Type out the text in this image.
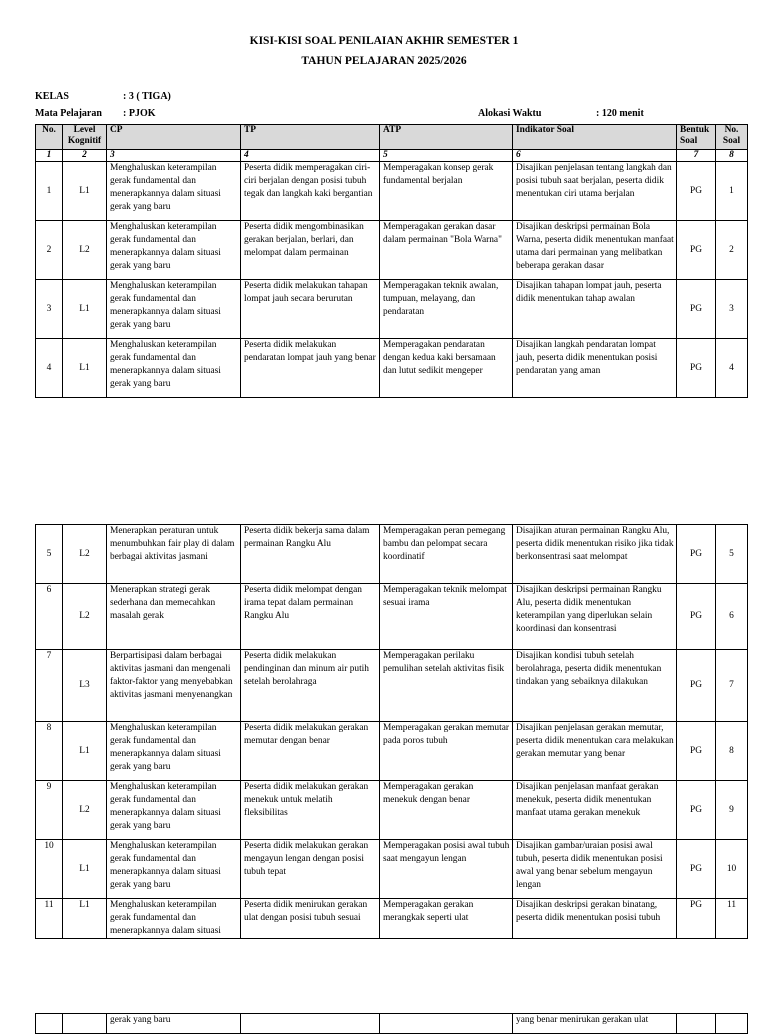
KISI-KISI SOAL PENILAIAN AKHIR SEMESTER 1
TAHUN PELAJARAN 2025/2026
KELAS	: 3 ( TIGA)
Mata Pelajaran : PJOK	Alokasi Waktu	: 120 menit
No.	Level Kognitif	CP	TP	ATP	Indikator Soal	Bentuk Soal	No. Soal
1	2	3	4	5	6	7	8
1	L1	Menghaluskan keterampilan gerak fundamental dan menerapkannya dalam situasi gerak yang baru	Peserta didik memperagakan ciri-ciri berjalan dengan posisi tubuh tegak dan langkah kaki bergantian	Memperagakan konsep gerak fundamental berjalan	Disajikan penjelasan tentang langkah dan posisi tubuh saat berjalan, peserta didik menentukan ciri utama berjalan	PG	1
2	L2	Menghaluskan keterampilan gerak fundamental dan menerapkannya dalam situasi gerak yang baru	Peserta didik mengombinasikan gerakan berjalan, berlari, dan melompat dalam permainan	Memperagakan gerakan dasar dalam permainan "Bola Warna"	Disajikan deskripsi permainan Bola Warna, peserta didik menentukan manfaat utama dari permainan yang melibatkan beberapa gerakan dasar	PG	2
3	L1	Menghaluskan keterampilan gerak fundamental dan menerapkannya dalam situasi gerak yang baru	Peserta didik melakukan tahapan lompat jauh secara berurutan	Memperagakan teknik awalan, tumpuan, melayang, dan pendaratan	Disajikan tahapan lompat jauh, peserta didik menentukan tahap awalan	PG	3
4	L1	Menghaluskan keterampilan gerak fundamental dan menerapkannya dalam situasi gerak yang baru	Peserta didik melakukan pendaratan lompat jauh yang benar	Memperagakan pendaratan dengan kedua kaki bersamaan dan lutut sedikit mengeper	Disajikan langkah pendaratan lompat jauh, peserta didik menentukan posisi pendaratan yang aman	PG	4
5	L2	Menerapkan peraturan untuk menumbuhkan fair play di dalam berbagai aktivitas jasmani	Peserta didik bekerja sama dalam permainan Rangku Alu	Memperagakan peran pemegang bambu dan pelompat secara koordinatif	Disajikan aturan permainan Rangku Alu, peserta didik menentukan risiko jika tidak berkonsentrasi saat melompat	PG	5
6	L2	Menerapkan strategi gerak sederhana dan memecahkan masalah gerak	Peserta didik melompat dengan irama tepat dalam permainan Rangku Alu	Memperagakan teknik melompat sesuai irama	Disajikan deskripsi permainan Rangku Alu, peserta didik menentukan keterampilan yang diperlukan selain koordinasi dan konsentrasi	PG	6
7	L3	Berpartisipasi dalam berbagai aktivitas jasmani dan mengenali faktor-faktor yang menyebabkan aktivitas jasmani menyenangkan	Peserta didik melakukan pendinginan dan minum air putih setelah berolahraga	Memperagakan perilaku pemulihan setelah aktivitas fisik	Disajikan kondisi tubuh setelah berolahraga, peserta didik menentukan tindakan yang sebaiknya dilakukan	PG	7
8	L1	Menghaluskan keterampilan gerak fundamental dan menerapkannya dalam situasi gerak yang baru	Peserta didik melakukan gerakan memutar dengan benar	Memperagakan gerakan memutar pada poros tubuh	Disajikan penjelasan gerakan memutar, peserta didik menentukan cara melakukan gerakan memutar yang benar	PG	8
9	L2	Menghaluskan keterampilan gerak fundamental dan menerapkannya dalam situasi gerak yang baru	Peserta didik melakukan gerakan menekuk untuk melatih fleksibilitas	Memperagakan gerakan menekuk dengan benar	Disajikan penjelasan manfaat gerakan menekuk, peserta didik menentukan manfaat utama gerakan menekuk	PG	9
10	L1	Menghaluskan keterampilan gerak fundamental dan menerapkannya dalam situasi gerak yang baru	Peserta didik melakukan gerakan mengayun lengan dengan posisi tubuh tepat	Memperagakan posisi awal tubuh saat mengayun lengan	Disajikan gambar/uraian posisi awal tubuh, peserta didik menentukan posisi awal yang benar sebelum mengayun lengan	PG	10
11	L1	Menghaluskan keterampilan gerak fundamental dan menerapkannya dalam situasi	Peserta didik menirukan gerakan ulat dengan posisi tubuh sesuai	Memperagakan gerakan merangkak seperti ulat	Disajikan deskripsi gerakan binatang, peserta didik menentukan posisi tubuh	PG	11
		gerak yang baru			yang benar menirukan gerakan ulat		
